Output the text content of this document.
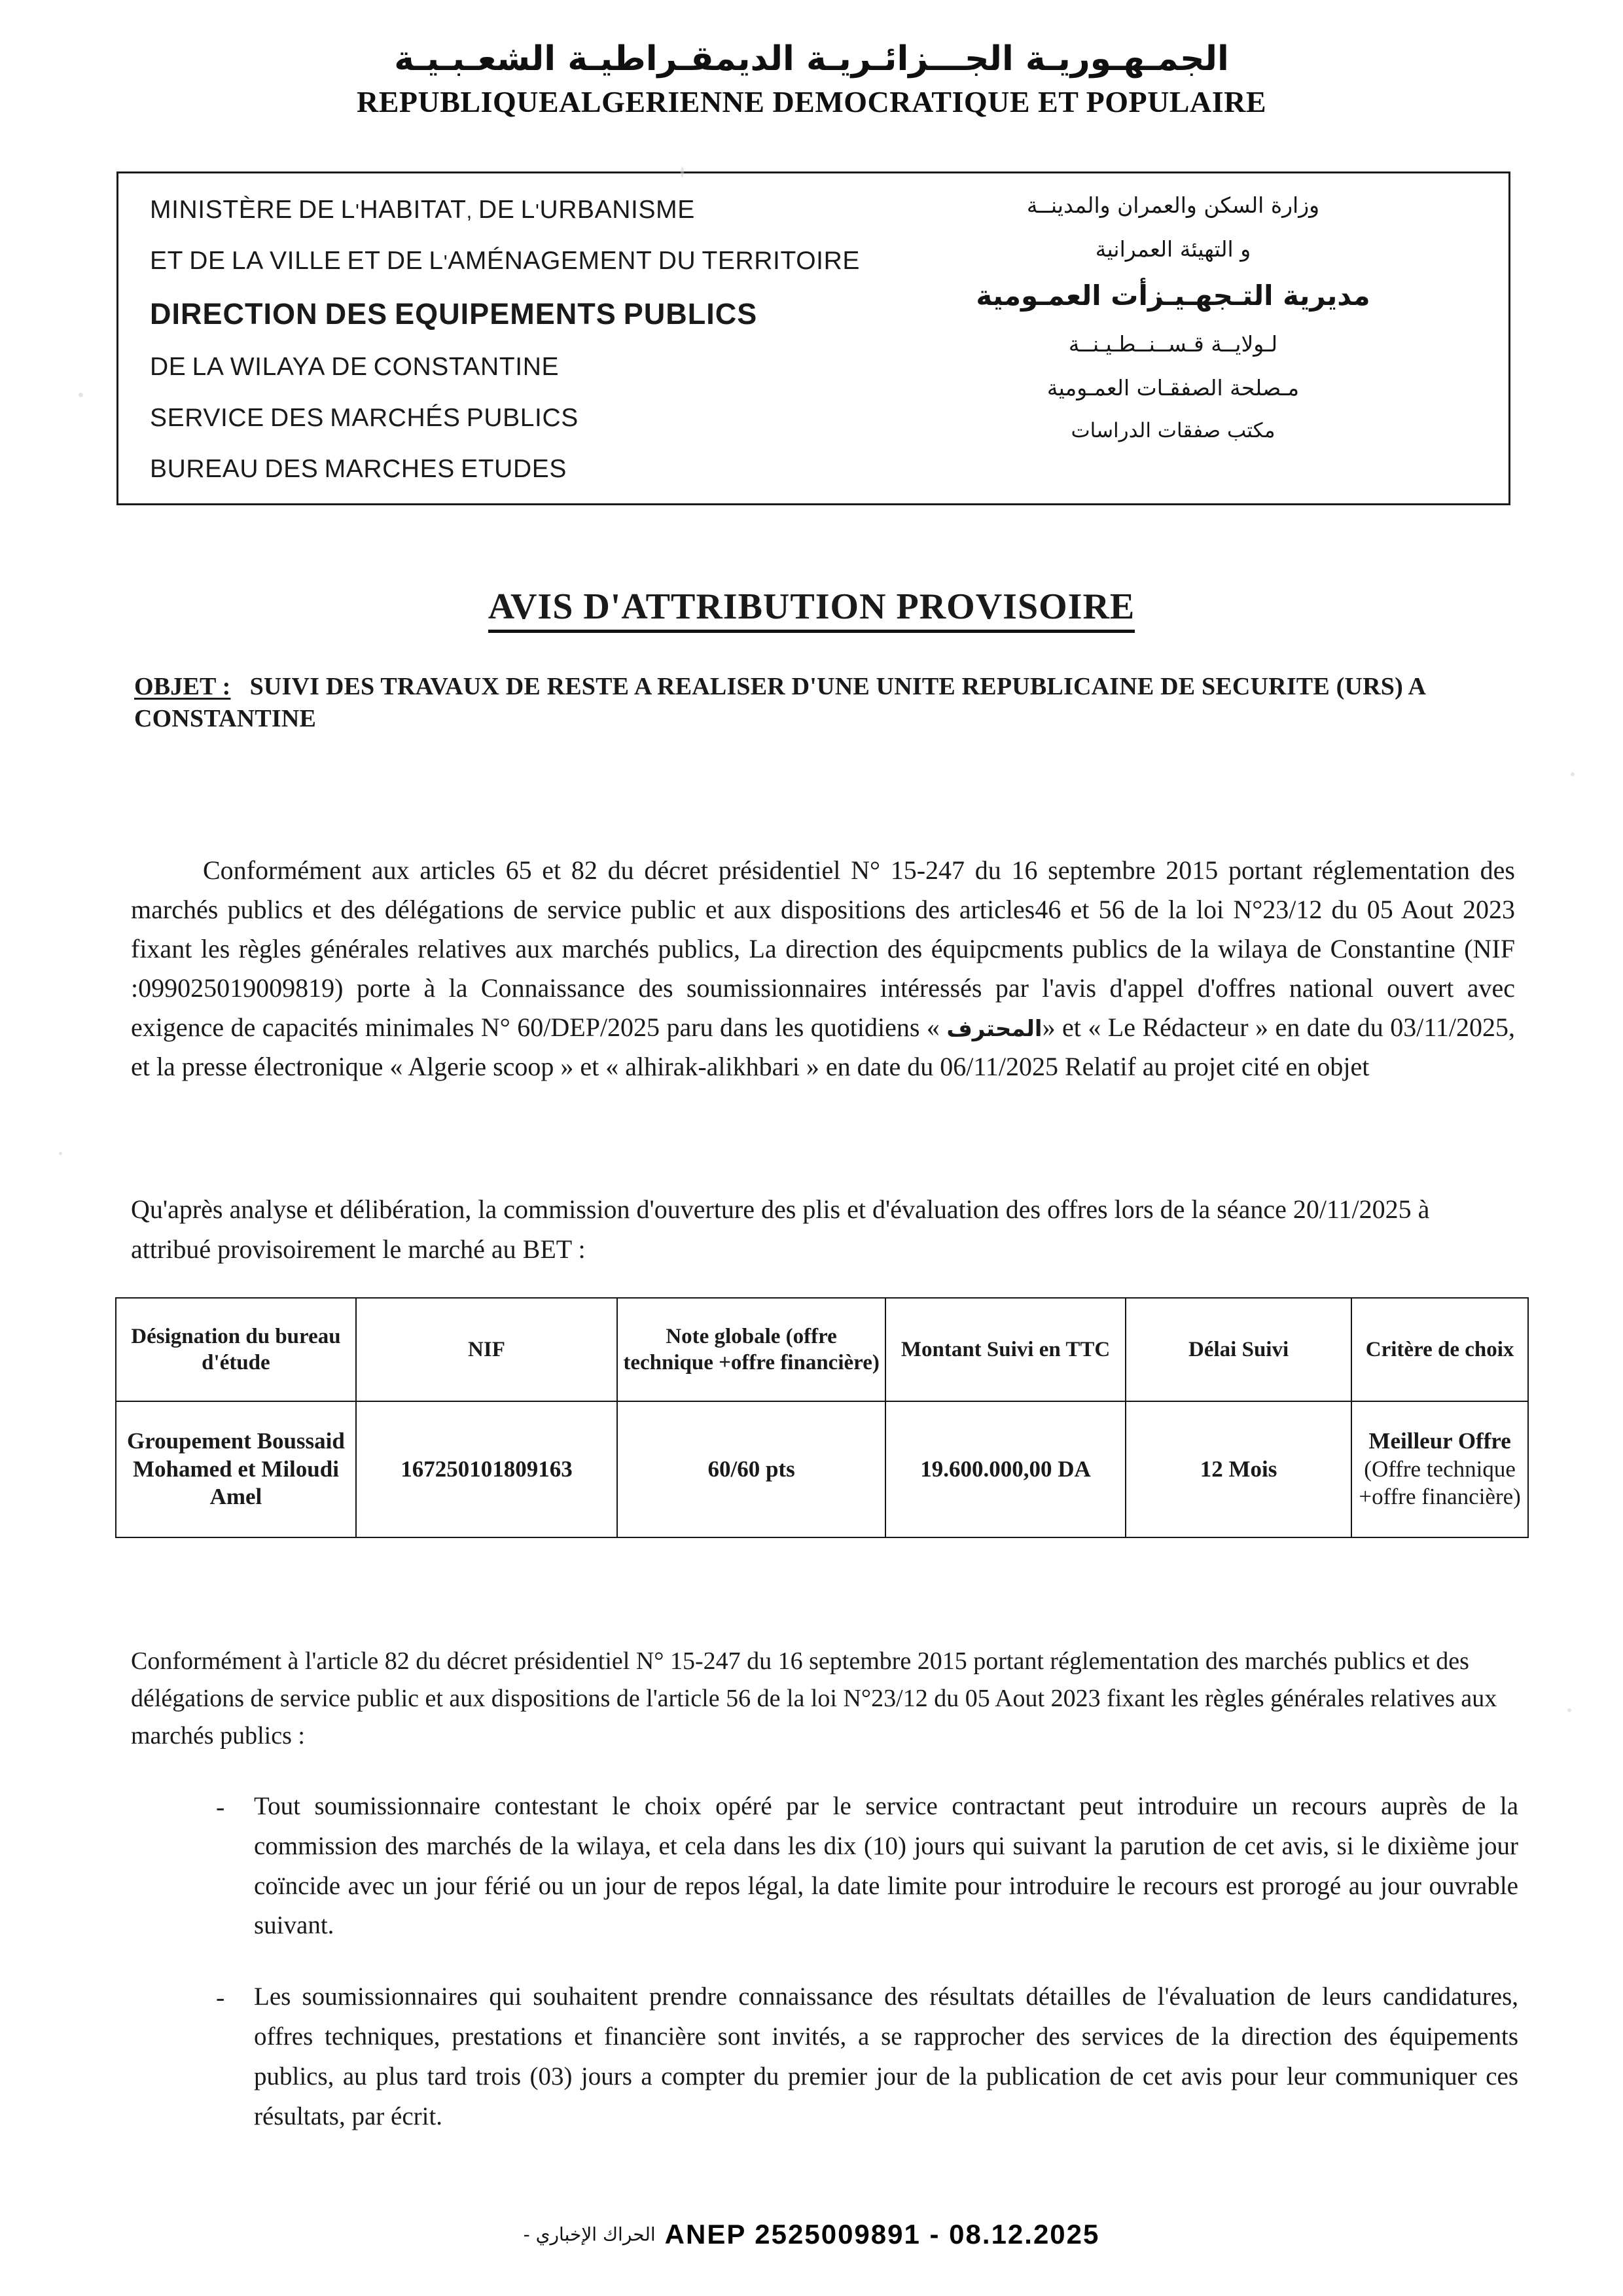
الجمـهـوريـة الجـــزائـريـة الديمقـراطيـة الشعـبـيـة
REPUBLIQUEALGERIENNE DEMOCRATIQUE ET POPULAIRE
MINISTÈRE DE L'HABITAT, DE L'URBANISME
ET DE LA VILLE ET DE L'AMÉNAGEMENT DU TERRITOIRE
DIRECTION DES EQUIPEMENTS PUBLICS
DE LA WILAYA DE CONSTANTINE
SERVICE DES MARCHÉS PUBLICS
BUREAU DES MARCHES ETUDES
وزارة السكن والعمران والمدينــة
و التهيئة العمرانية
مديرية التـجهـيـزأت العمـومية
لـولايــة قـســنــطـيـنــة
مـصلحة الصفقـات العمـومية
مكتب صفقات الدراسات
AVIS D'ATTRIBUTION PROVISOIRE
OBJET : SUIVI DES TRAVAUX DE RESTE A REALISER D'UNE UNITE REPUBLICAINE DE SECURITE (URS) A CONSTANTINE

Conformément aux articles 65 et 82 du décret présidentiel N° 15-247 du 16 septembre 2015 portant réglementation des marchés publics et des délégations de service public et aux dispositions des articles46 et 56 de la loi N°23/12 du 05 Aout 2023 fixant les règles générales relatives aux marchés publics, La direction des équipcments publics de la wilaya de Constantine (NIF :099025019009819) porte à la Connaissance des soumissionnaires intéressés par l'avis d'appel d'offres national ouvert avec exigence de capacités minimales N° 60/DEP/2025 paru dans les quotidiens « المحترف» et « Le Rédacteur » en date du 03/11/2025, et la presse électronique « Algerie scoop » et « alhirak-alikhbari » en date du 06/11/2025 Relatif au projet cité en objet

Qu'après analyse et délibération, la commission d'ouverture des plis et d'évaluation des offres lors de la séance 20/11/2025 à attribué provisoirement le marché au BET :
Désignation du bureau d'étude	NIF	Note globale (offre technique +offre financière)	Montant Suivi en TTC	Délai Suivi	Critère de choix
Groupement Boussaid Mohamed et Miloudi Amel	167250101809163	60/60 pts	19.600.000,00 DA	12 Mois	Meilleur Offre
(Offre technique +offre financière)

Conformément à l'article 82 du décret présidentiel N° 15-247 du 16 septembre 2015 portant réglementation des marchés publics et des délégations de service public et aux dispositions de l'article 56 de la loi N°23/12 du 05 Aout 2023 fixant les règles générales relatives aux marchés publics :

-	Tout soumissionnaire contestant le choix opéré par le service contractant peut introduire un recours auprès de la commission des marchés de la wilaya, et cela dans les dix (10) jours qui suivant la parution de cet avis, si le dixième jour coïncide avec un jour férié ou un jour de repos légal, la date limite pour introduire le recours est prorogé au jour ouvrable suivant.
-	Les soumissionnaires qui souhaitent prendre connaissance des résultats détailles de l'évaluation de leurs candidatures, offres techniques, prestations et financière sont invités, a se rapprocher des services de la direction des équipements publics, au plus tard trois (03) jours a compter du premier jour de la publication de cet avis pour leur communiquer ces résultats, par écrit.
الحراك الإخباري - ANEP 2525009891 - 08.12.2025
